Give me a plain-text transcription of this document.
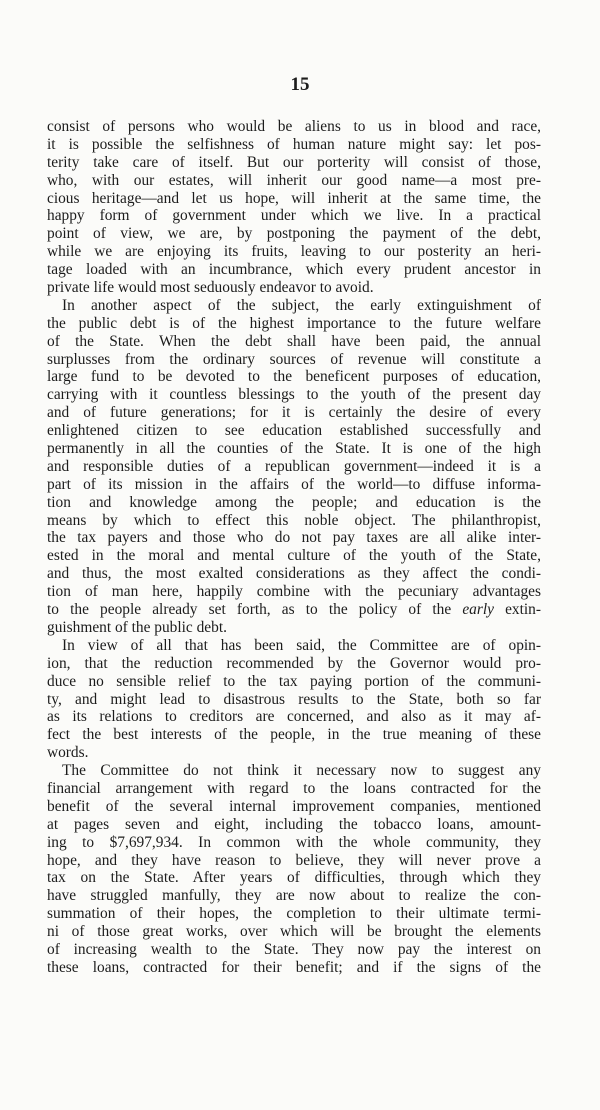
15
consist of persons who would be aliens to us in blood and race,
it is possible the selfishness of human nature might say: let pos-
terity take care of itself. But our porterity will consist of those,
who, with our estates, will inherit our good name—a most pre-
cious heritage—and let us hope, will inherit at the same time, the
happy form of government under which we live. In a practical
point of view, we are, by postponing the payment of the debt,
while we are enjoying its fruits, leaving to our posterity an heri-
tage loaded with an incumbrance, which every prudent ancestor in
private life would most seduously endeavor to avoid.
In another aspect of the subject, the early extinguishment of
the public debt is of the highest importance to the future welfare
of the State. When the debt shall have been paid, the annual
surplusses from the ordinary sources of revenue will constitute a
large fund to be devoted to the beneficent purposes of education,
carrying with it countless blessings to the youth of the present day
and of future generations; for it is certainly the desire of every
enlightened citizen to see education established successfully and
permanently in all the counties of the State. It is one of the high
and responsible duties of a republican government—indeed it is a
part of its mission in the affairs of the world—to diffuse informa-
tion and knowledge among the people; and education is the
means by which to effect this noble object. The philanthropist,
the tax payers and those who do not pay taxes are all alike inter-
ested in the moral and mental culture of the youth of the State,
and thus, the most exalted considerations as they affect the condi-
tion of man here, happily combine with the pecuniary advantages
to the people already set forth, as to the policy of the early extin-
guishment of the public debt.
In view of all that has been said, the Committee are of opin-
ion, that the reduction recommended by the Governor would pro-
duce no sensible relief to the tax paying portion of the communi-
ty, and might lead to disastrous results to the State, both so far
as its relations to creditors are concerned, and also as it may af-
fect the best interests of the people, in the true meaning of these
words.
The Committee do not think it necessary now to suggest any
financial arrangement with regard to the loans contracted for the
benefit of the several internal improvement companies, mentioned
at pages seven and eight, including the tobacco loans, amount-
ing to $7,697,934. In common with the whole community, they
hope, and they have reason to believe, they will never prove a
tax on the State. After years of difficulties, through which they
have struggled manfully, they are now about to realize the con-
summation of their hopes, the completion to their ultimate termi-
ni of those great works, over which will be brought the elements
of increasing wealth to the State. They now pay the interest on
these loans, contracted for their benefit; and if the signs of the
